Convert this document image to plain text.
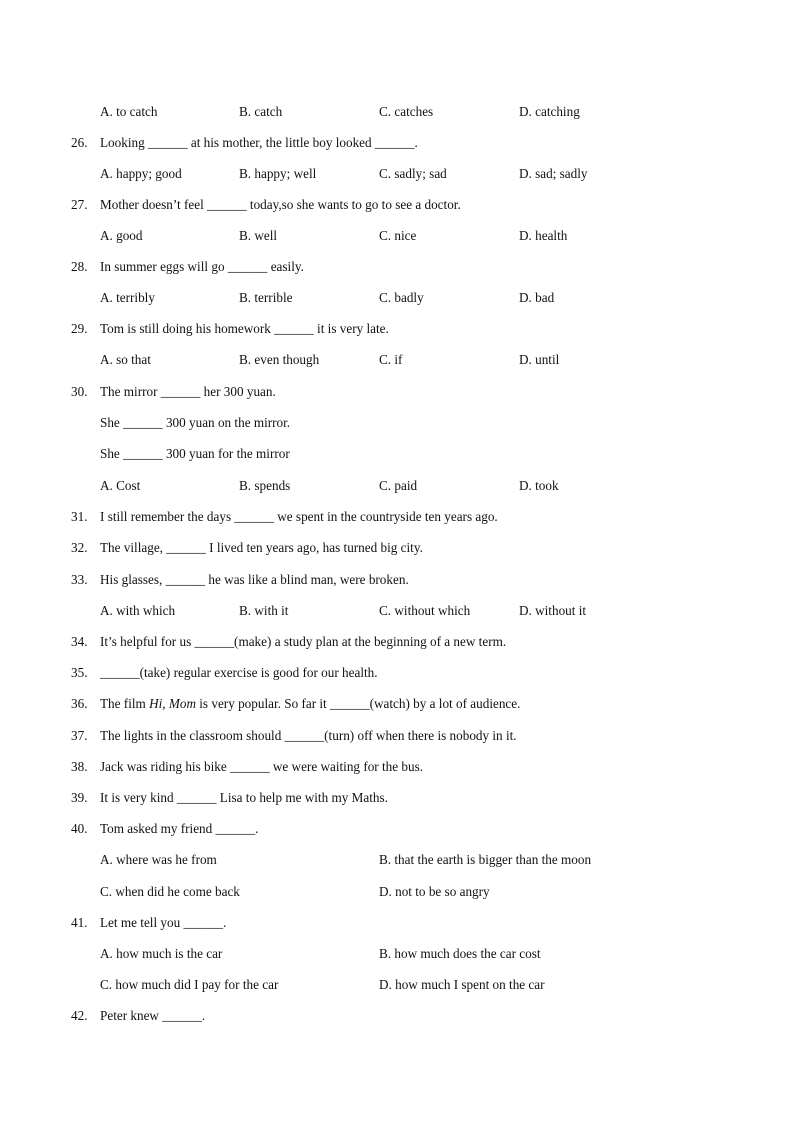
A. to catch	B. catch	C. catches	D. catching
26. Looking ______ at his mother, the little boy looked ______.
A. happy; good	B. happy; well	C. sadly; sad	D. sad; sadly
27. Mother doesn’t feel ______ today,so she wants to go to see a doctor.
A. good	B. well	C. nice	D. health
28. In summer eggs will go ______ easily.
A. terribly	B. terrible	C. badly	D. bad
29. Tom is still doing his homework ______ it is very late.
A. so that	B. even though	C. if	D. until
30. The mirror ______ her 300 yuan.
She ______ 300 yuan on the mirror.
She ______ 300 yuan for the mirror
A. Cost	B. spends	C. paid	D. took
31. I still remember the days ______ we spent in the countryside ten years ago.
32. The village, ______ I lived ten years ago, has turned big city.
33. His glasses, ______ he was like a blind man, were broken.
A. with which	B. with it	C. without which	D. without it
34. It’s helpful for us ______(make) a study plan at the beginning of a new term.
35. ______(take) regular exercise is good for our health.
36. The film Hi, Mom is very popular. So far it ______(watch) by a lot of audience.
37. The lights in the classroom should ______(turn) off when there is nobody in it.
38. Jack was riding his bike ______ we were waiting for the bus.
39. It is very kind ______ Lisa to help me with my Maths.
40. Tom asked my friend ______.
A. where was he from	B. that the earth is bigger than the moon
C. when did he come back	D. not to be so angry
41. Let me tell you ______.
A. how much is the car	B. how much does the car cost
C. how much did I pay for the car	D. how much I spent on the car
42. Peter knew ______.
